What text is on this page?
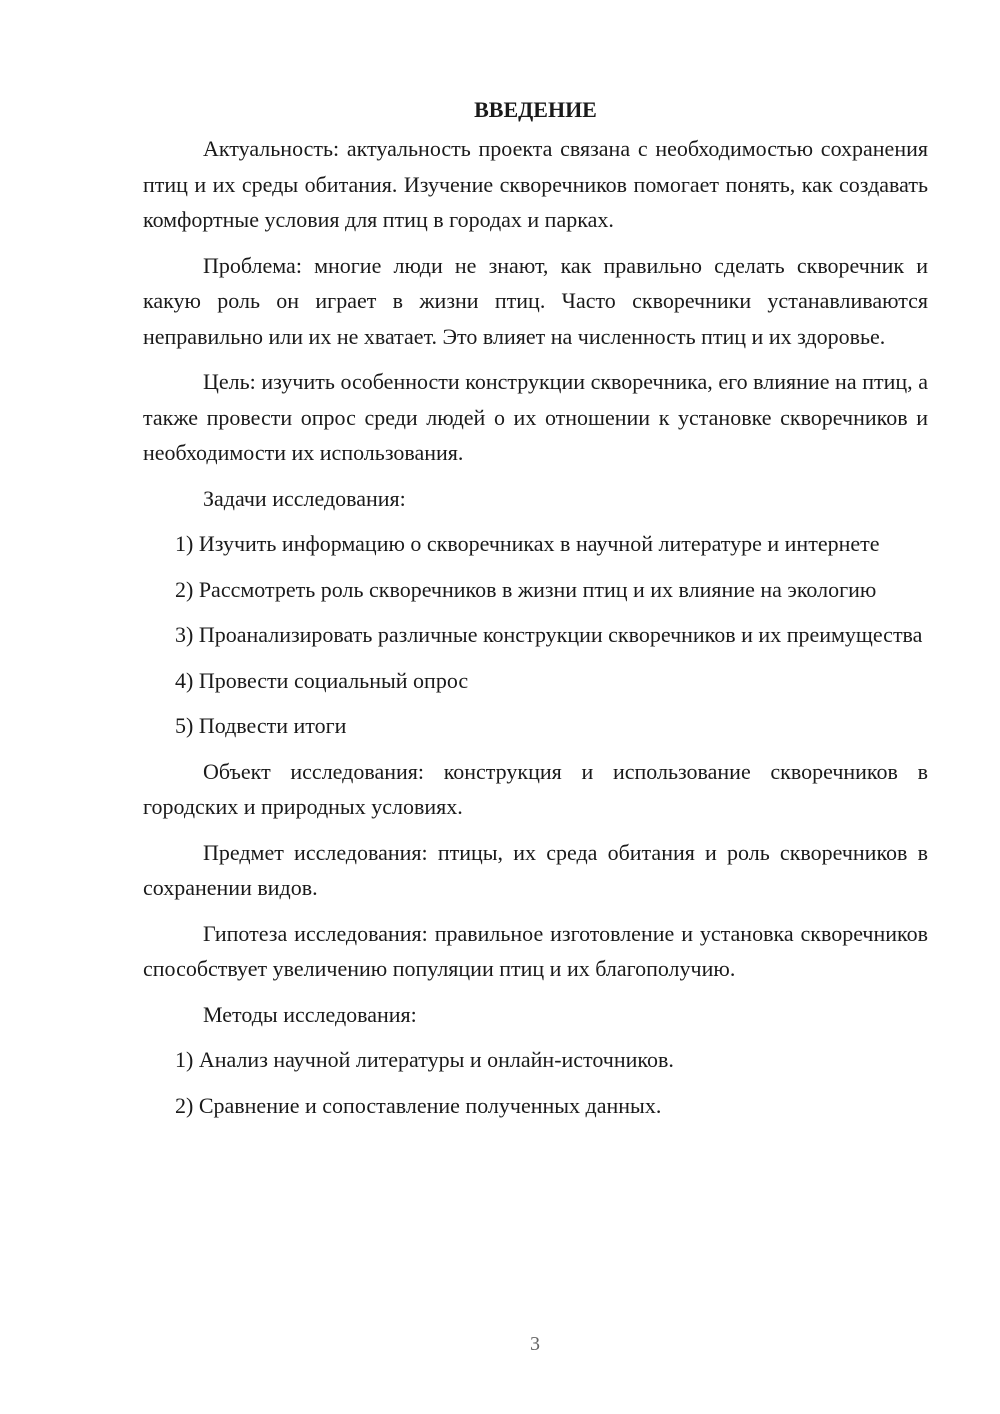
ВВЕДЕНИЕ

Актуальность: актуальность проекта связана с необходимостью сохранения птиц и их среды обитания. Изучение скворечников помогает понять, как создавать комфортные условия для птиц в городах и парках.

Проблема: многие люди не знают, как правильно сделать скворечник и какую роль он играет в жизни птиц. Часто скворечники устанавливаются неправильно или их не хватает. Это влияет на численность птиц и их здоровье.

Цель: изучить особенности конструкции скворечника, его влияние на птиц, а также провести опрос среди людей о их отношении к установке скворечников и необходимости их использования.

Задачи исследования:

1) Изучить информацию о скворечниках в научной литературе и интернете

2) Рассмотреть роль скворечников в жизни птиц и их влияние на экологию

3) Проанализировать различные конструкции скворечников и их преимущества

4) Провести социальный опрос

5) Подвести итоги

Объект исследования: конструкция и использование скворечников в городских и природных условиях.

Предмет исследования: птицы, их среда обитания и роль скворечников в сохранении видов.

Гипотеза исследования: правильное изготовление и установка скворечников способствует увеличению популяции птиц и их благополучию.

Методы исследования:

1) Анализ научной литературы и онлайн-источников.

2) Сравнение и сопоставление полученных данных.

3
